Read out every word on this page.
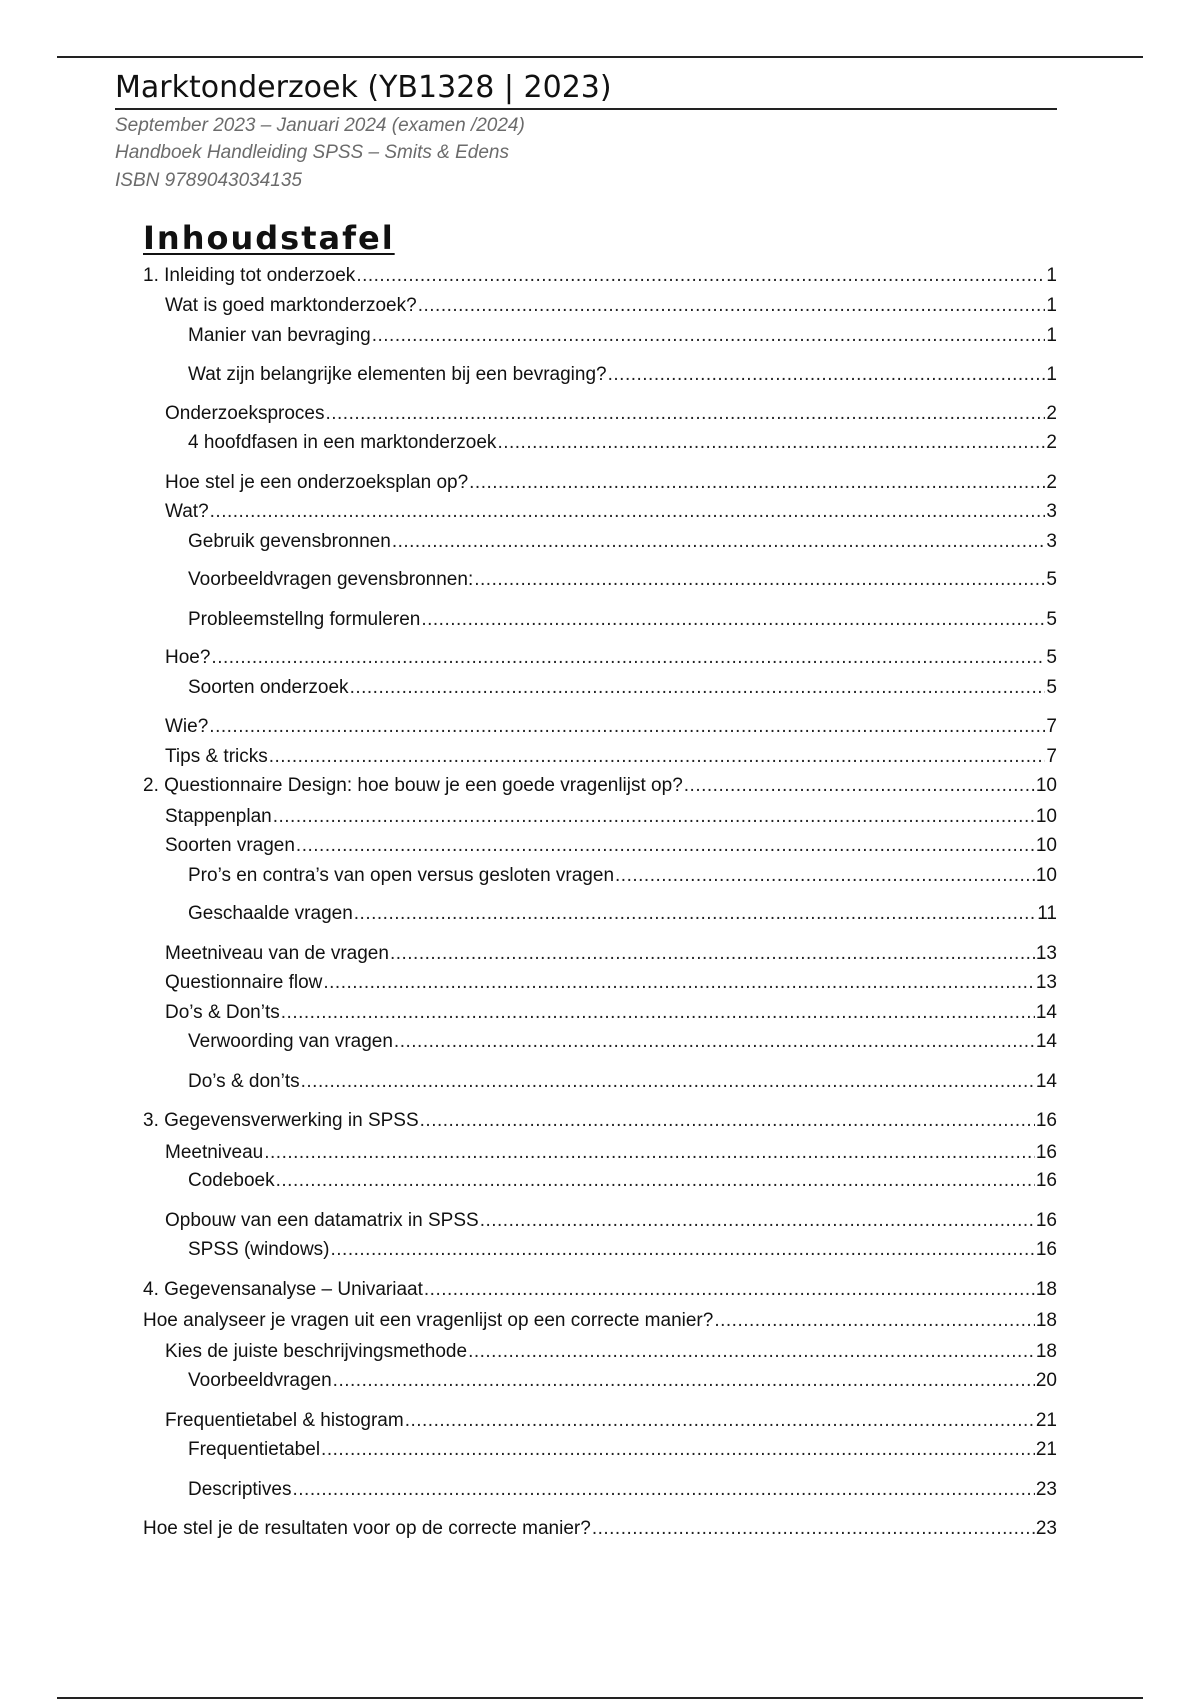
Marktonderzoek (YB1328 | 2023)
September 2023 – Januari 2024 (examen /2024)
Handboek Handleiding SPSS – Smits & Edens
ISBN 9789043034135
Inhoudstafel
1. Inleiding tot onderzoek .....	1
Wat is goed marktonderzoek? .....	1
Manier van bevraging .....	1
Wat zijn belangrijke elementen bij een bevraging? .....	1
Onderzoeksproces .....	2
4 hoofdfasen in een marktonderzoek .....	2
Hoe stel je een onderzoeksplan op? .....	2
Wat? .....	3
Gebruik gevensbronnen .....	3
Voorbeeldvragen gevensbronnen: .....	5
Probleemstellng formuleren .....	5
Hoe? .....	5
Soorten onderzoek .....	5
Wie? .....	7
Tips & tricks .....	7
2. Questionnaire Design: hoe bouw je een goede vragenlijst op? .....	10
Stappenplan .....	10
Soorten vragen .....	10
Pro’s en contra’s van open versus gesloten vragen .....	10
Geschaalde vragen .....	11
Meetniveau van de vragen .....	13
Questionnaire flow .....	13
Do’s & Don’ts .....	14
Verwoording van vragen .....	14
Do’s & don’ts .....	14
3. Gegevensverwerking in SPSS .....	16
Meetniveau .....	16
Codeboek .....	16
Opbouw van een datamatrix in SPSS .....	16
SPSS (windows) .....	16
4. Gegevensanalyse – Univariaat .....	18
Hoe analyseer je vragen uit een vragenlijst op een correcte manier? .....	18
Kies de juiste beschrijvingsmethode .....	18
Voorbeeldvragen .....	20
Frequentietabel & histogram .....	21
Frequentietabel .....	21
Descriptives .....	23
Hoe stel je de resultaten voor op de correcte manier? .....	23
